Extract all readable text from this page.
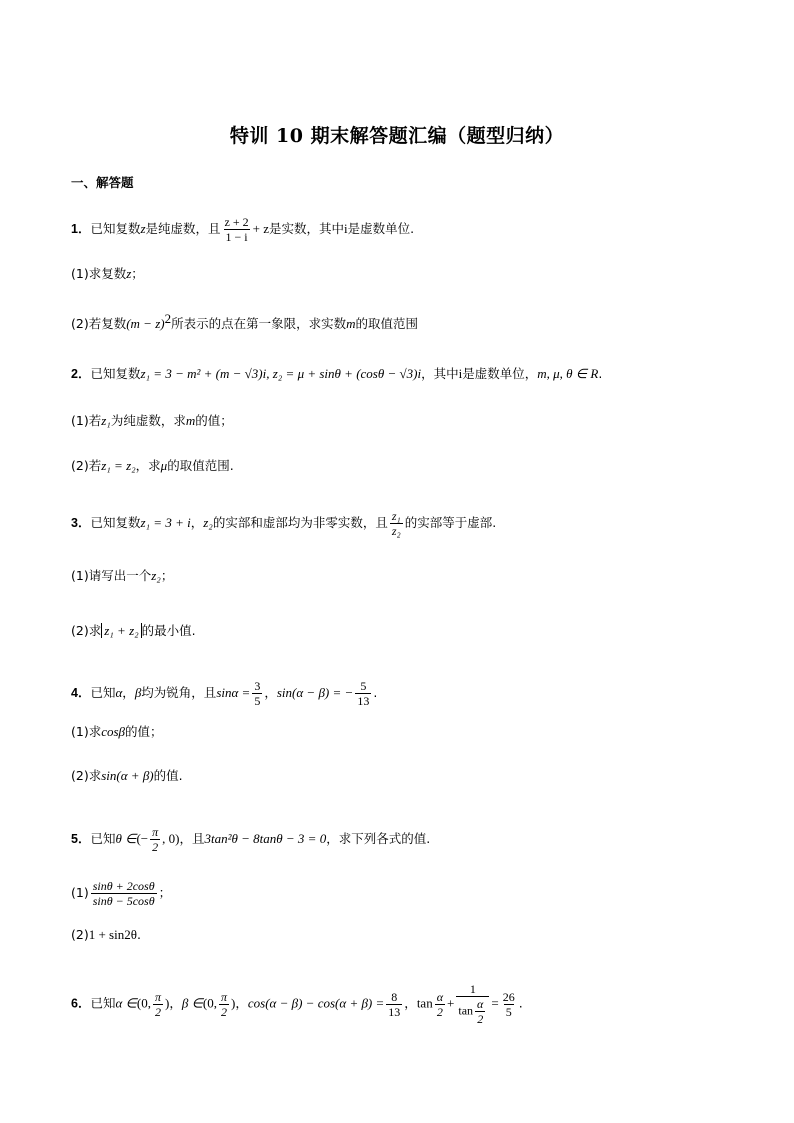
特训 10 期末解答题汇编（题型归纳）
一、解答题
1．已知复数z是纯虚数，且 $\frac{z + 2}{1 - i} + z$是实数，其中i是虚数单位.
(1)求复数z；
(2)若复数$(m - z)^2$所表示的点在第一象限，求实数m的取值范围
2．已知复数z₁ = 3 − m² + (m − √3)i, z₂ = μ + sinθ + (cosθ − √3)i，其中i是虚数单位，m, μ, θ ∈ R.
(1)若z₁为纯虚数，求m的值；
(2)若z₁ = z₂，求μ的取值范围.
3．已知复数z₁ = 3 + i，z₂的实部和虚部均为非零实数，且 $\frac{\text{z₁}}{\text{z₂}}$ 的实部等于虚部.
(1)请写出一个z₂；
(2)求 z₁ + z₂ 的最小值.
4．已知α，β均为锐角，且$\sin\alpha = \frac{3}{5}$ ，sin(α − β) = − $\frac{5}{13}$ .
(1)求cosβ的值；
(2)求sin(α + β)的值.
5．已知θ ∈(− $\frac{\pi}{2}$ , 0)，且3tan²θ − 8tanθ − 3 = 0，求下列各式的值.
$(1) \frac{\sin\theta + 2\cos\theta}{\sin\theta - 5\cos\theta}$ ；
(2)1 + sin2θ.
6．已知α ∈(0, $\frac{\pi}{2}$ )，β ∈(0, $\frac{\pi}{2}$ )，$\cos(\alpha - \beta) - \cos(\alpha + \beta) = \frac{8}{13}$ ，$\tan \frac{\alpha}{2} + \frac{1}{\tan \frac{\alpha}{2}} = \frac{26}{5}$ .
